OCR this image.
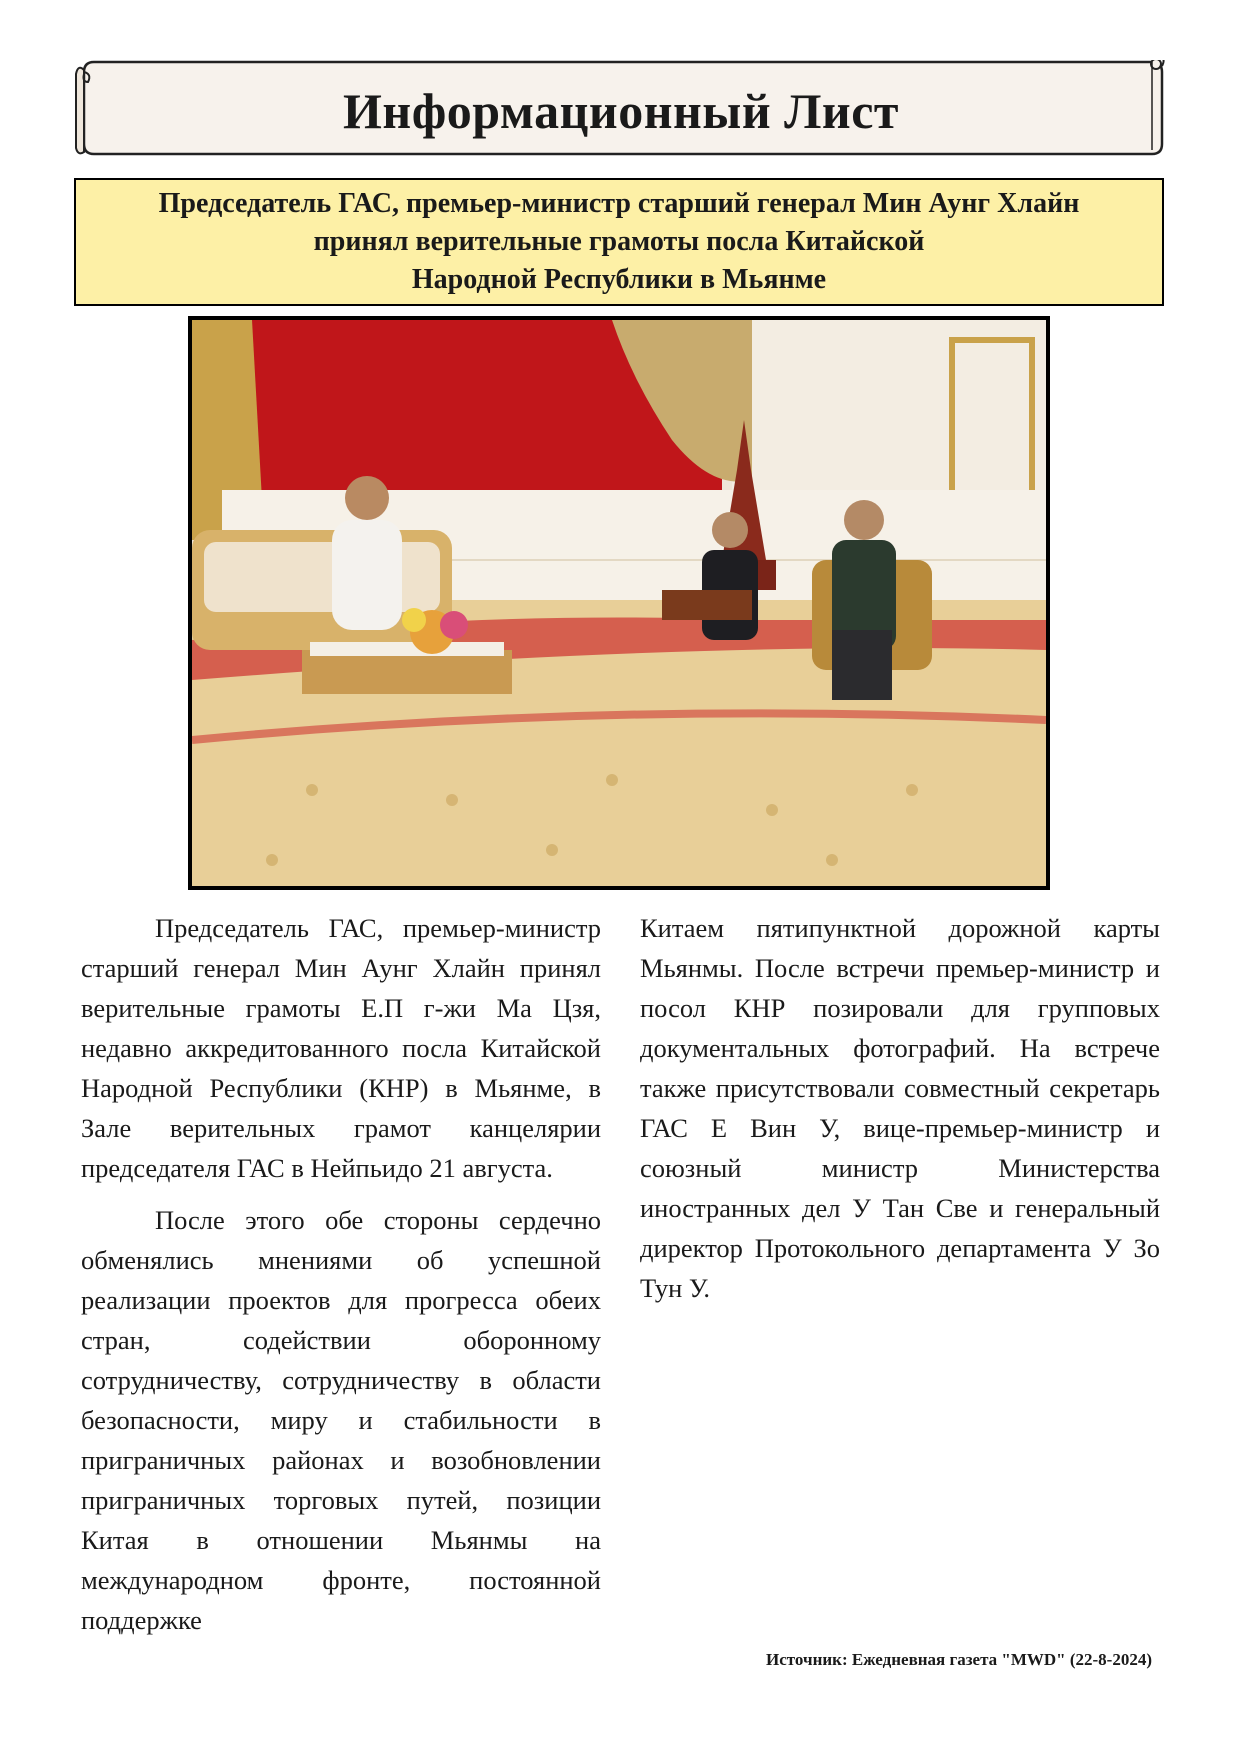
Информационный Лист
Председатель ГАС, премьер-министр старший генерал Мин Аунг Хлайн
принял верительные грамоты посла Китайской
Народной Республики в Мьянме

Председатель ГАС, премьер-министр старший генерал Мин Аунг Хлайн принял верительные грамоты Е.П г-жи Ма Цзя, недавно аккредитованного посла Китайской Народной Республики (КНР) в Мьянме, в Зале верительных грамот канцелярии председателя ГАС в Нейпьидо 21 августа.

После этого обе стороны сердечно обменялись мнениями об успешной реализации проектов для прогресса обеих стран, содействии оборонному сотрудничеству, сотрудничеству в области безопасности, миру и стабильности в приграничных районах и возобновлении приграничных торговых путей, позиции Китая в отношении Мьянмы на международном фронте, постоянной поддержке

Китаем пятипунктной дорожной карты Мьянмы. После встречи премьер-министр и посол КНР позировали для групповых документальных фотографий. На встрече также присутствовали совместный секретарь ГАС Е Вин У, вице-премьер-министр и союзный министр Министерства иностранных дел У Тан Све и генеральный директор Протокольного департамента У Зо Тун У.

Источник: Ежедневная газета "MWD" (22-8-2024)
